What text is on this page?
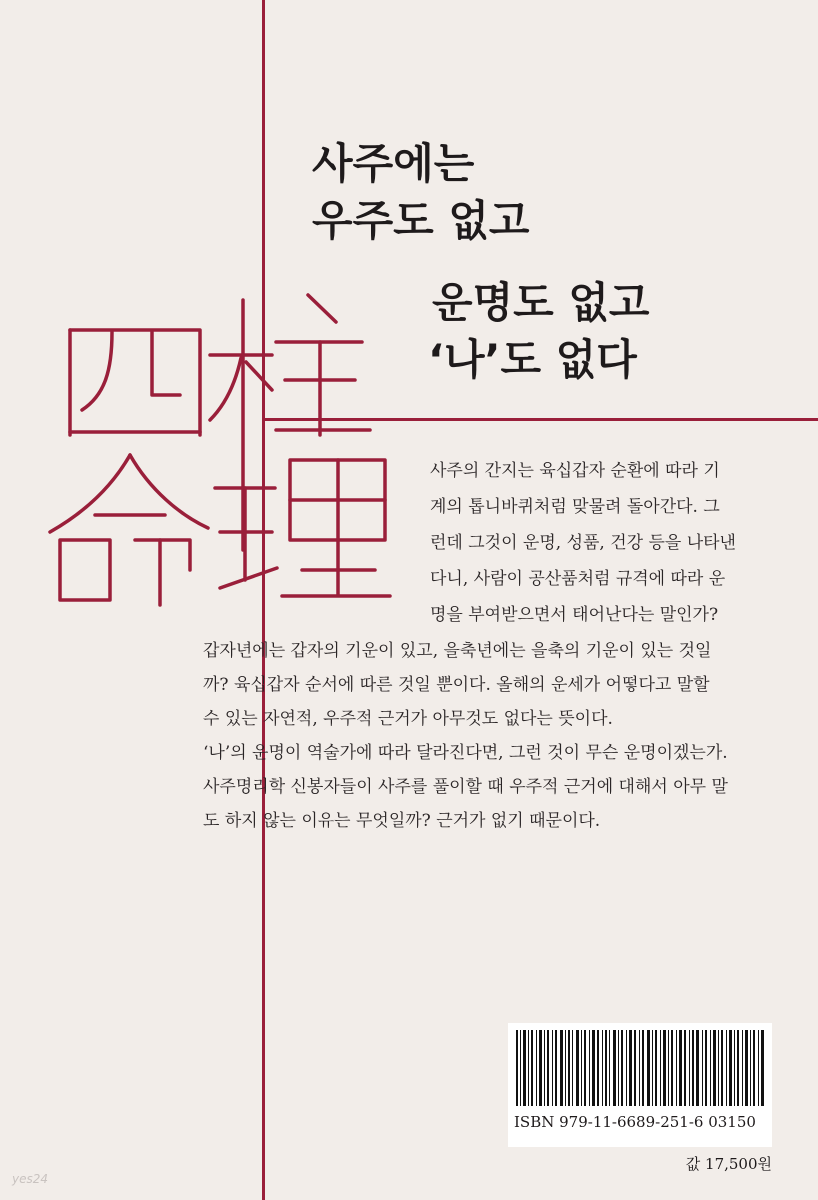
사주에는
우주도 없고
운명도 없고
‘나’도 없다
사주의 간지는 육십갑자 순환에 따라 기
계의 톱니바퀴처럼 맞물려 돌아간다. 그
런데 그것이 운명, 성품, 건강 등을 나타낸
다니, 사람이 공산품처럼 규격에 따라 운
명을 부여받으면서 태어난다는 말인가?
갑자년에는 갑자의 기운이 있고, 을축년에는 을축의 기운이 있는 것일
까? 육십갑자 순서에 따른 것일 뿐이다. 올해의 운세가 어떻다고 말할
수 있는 자연적, 우주적 근거가 아무것도 없다는 뜻이다.
‘나’의 운명이 역술가에 따라 달라진다면, 그런 것이 무슨 운명이겠는가.
사주명리학 신봉자들이 사주를 풀이할 때 우주적 근거에 대해서 아무 말
도 하지 않는 이유는 무엇일까? 근거가 없기 때문이다.
ISBN 979-11-6689-251-6 03150
값 17,500원
yes24
